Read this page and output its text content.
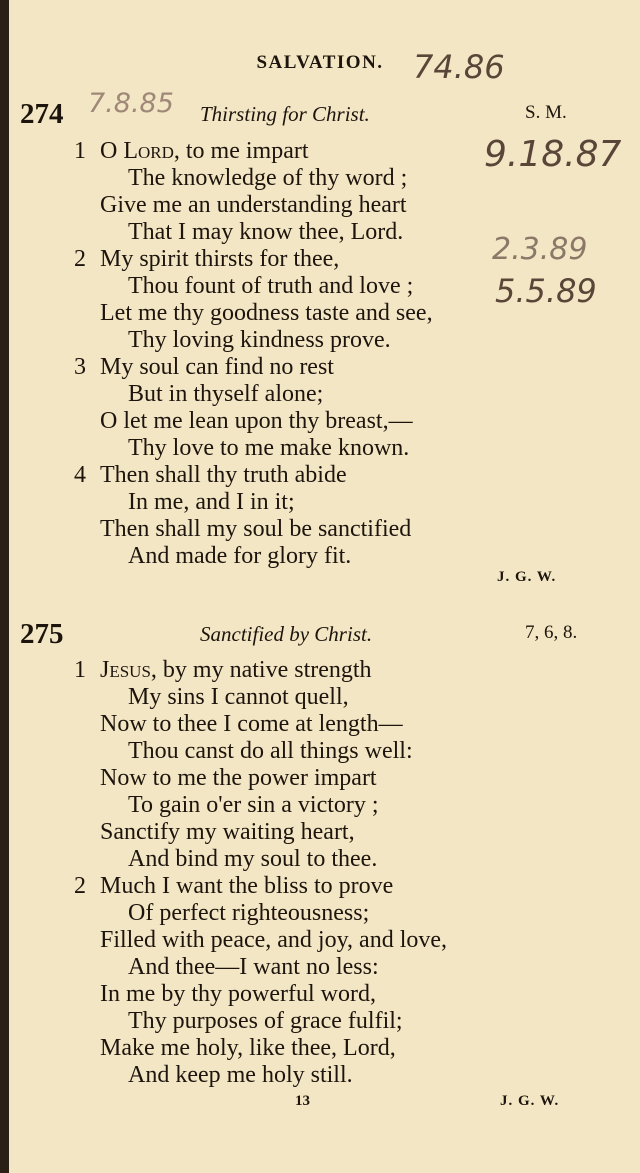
SALVATION. 74.86
7.8.85
9.18.87
2.3.89
5.5.89
274	Thirsting for Christ.	S. M.
1 O Lord, to me impart
The knowledge of thy word ;
Give me an understanding heart
That I may know thee, Lord.
2 My spirit thirsts for thee,
Thou fount of truth and love ;
Let me thy goodness taste and see,
Thy loving kindness prove.
3 My soul can find no rest
But in thyself alone;
O let me lean upon thy breast,—
Thy love to me make known.
4 Then shall thy truth abide
In me, and I in it;
Then shall my soul be sanctified
And made for glory fit.
J. G. W.
275	Sanctified by Christ.	7, 6, 8.
1 Jesus, by my native strength
My sins I cannot quell,
Now to thee I come at length—
Thou canst do all things well:
Now to me the power impart
To gain o'er sin a victory ;
Sanctify my waiting heart,
And bind my soul to thee.
2 Much I want the bliss to prove
Of perfect righteousness;
Filled with peace, and joy, and love,
And thee—I want no less:
In me by thy powerful word,
Thy purposes of grace fulfil;
Make me holy, like thee, Lord,
And keep me holy still.
13	J. G. W.
